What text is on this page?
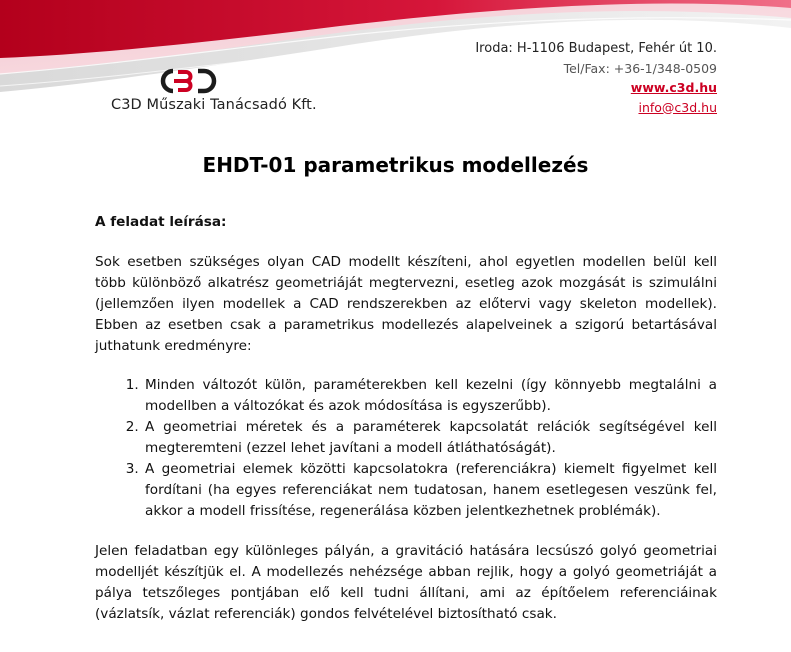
C3D Műszaki Tanácsadó Kft.
Iroda: H-1106 Budapest, Fehér út 10.
Tel/Fax: +36-1/348-0509
www.c3d.hu
info@c3d.hu
EHDT-01 parametrikus modellezés

A feladat leírása:

Sok esetben szükséges olyan CAD modellt készíteni, ahol egyetlen modellen belül kell több különböző alkatrész geometriáját megtervezni, esetleg azok mozgását is szimulálni (jellemzően ilyen modellek a CAD rendszerekben az előtervi vagy skeleton modellek). Ebben az esetben csak a parametrikus modellezés alapelveinek a szigorú betartásával juthatunk eredményre:

1. Minden változót külön, paraméterekben kell kezelni (így könnyebb megtalálni a modellben a változókat és azok módosítása is egyszerűbb).
2. A geometriai méretek és a paraméterek kapcsolatát relációk segítségével kell megteremteni (ezzel lehet javítani a modell átláthatóságát).
3. A geometriai elemek közötti kapcsolatokra (referenciákra) kiemelt figyelmet kell fordítani (ha egyes referenciákat nem tudatosan, hanem esetlegesen veszünk fel, akkor a modell frissítése, regenerálása közben jelentkezhetnek problémák).

Jelen feladatban egy különleges pályán, a gravitáció hatására lecsúszó golyó geometriai modelljét készítjük el. A modellezés nehézsége abban rejlik, hogy a golyó geometriáját a pálya tetszőleges pontjában elő kell tudni állítani, ami az építőelem referenciáinak (vázlatsík, vázlat referenciák) gondos felvételével biztosítható csak.
